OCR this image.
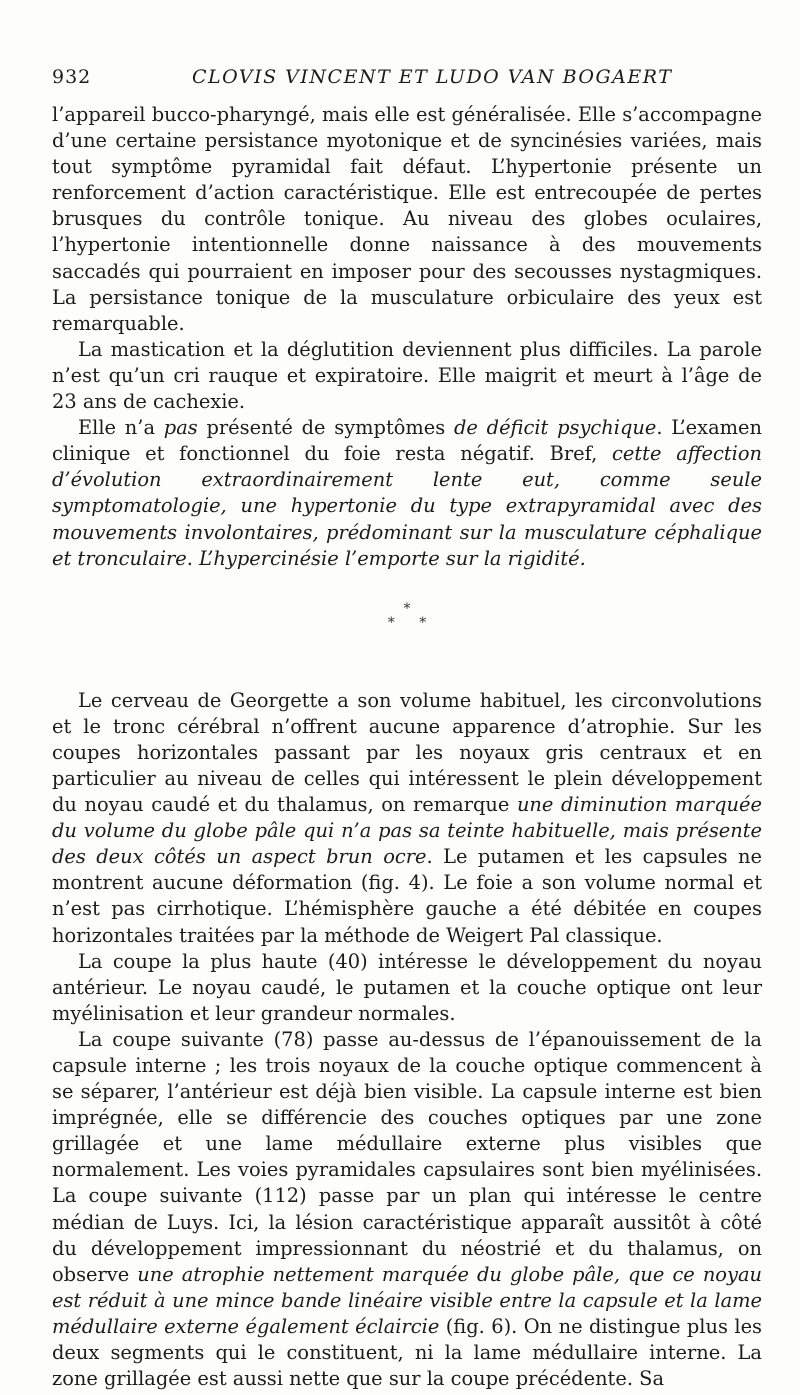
932	CLOVIS VINCENT ET LUDO VAN BOGAERT

l’appareil bucco-pharyngé, mais elle est généralisée. Elle s’accompagne d’une certaine persistance myotonique et de syncinésies variées, mais tout symptôme pyramidal fait défaut. L’hypertonie présente un renforcement d’action caractéristique. Elle est entrecoupée de pertes brusques du contrôle tonique. Au niveau des globes oculaires, l’hypertonie intentionnelle donne naissance à des mouvements saccadés qui pourraient en imposer pour des secousses nystagmiques. La persistance tonique de la musculature orbiculaire des yeux est remarquable.

La mastication et la déglutition deviennent plus difficiles. La parole n’est qu’un cri rauque et expiratoire. Elle maigrit et meurt à l’âge de 23 ans de cachexie.

Elle n’a pas présenté de symptômes de déficit psychique. L’examen clinique et fonctionnel du foie resta négatif. Bref, cette affection d’évolution extraordinairement lente eut, comme seule symptomatologie, une hypertonie du type extrapyramidal avec des mouvements involontaires, prédominant sur la musculature céphalique et tronculaire. L’hypercinésie l’emporte sur la rigidité.

*
* *

Le cerveau de Georgette a son volume habituel, les circonvolutions et le tronc cérébral n’offrent aucune apparence d’atrophie. Sur les coupes horizontales passant par les noyaux gris centraux et en particulier au niveau de celles qui intéressent le plein développement du noyau caudé et du thalamus, on remarque une diminution marquée du volume du globe pâle qui n’a pas sa teinte habituelle, mais présente des deux côtés un aspect brun ocre. Le putamen et les capsules ne montrent aucune déformation (fig. 4). Le foie a son volume normal et n’est pas cirrhotique. L’hémisphère gauche a été débitée en coupes horizontales traitées par la méthode de Weigert Pal classique.

La coupe la plus haute (40) intéresse le développement du noyau antérieur. Le noyau caudé, le putamen et la couche optique ont leur myélinisation et leur grandeur normales.

La coupe suivante (78) passe au-dessus de l’épanouissement de la capsule interne ; les trois noyaux de la couche optique commencent à se séparer, l’antérieur est déjà bien visible. La capsule interne est bien imprégnée, elle se différencie des couches optiques par une zone grillagée et une lame médullaire externe plus visibles que normalement. Les voies pyramidales capsulaires sont bien myélinisées. La coupe suivante (112) passe par un plan qui intéresse le centre médian de Luys. Ici, la lésion caractéristique apparaît aussitôt à côté du développement impressionnant du néostrié et du thalamus, on observe une atrophie nettement marquée du globe pâle, que ce noyau est réduit à une mince bande linéaire visible entre la capsule et la lame médullaire externe également éclaircie (fig. 6). On ne distingue plus les deux segments qui le constituent, ni la lame médullaire interne. La zone grillagée est aussi nette que sur la coupe précédente. Sa
